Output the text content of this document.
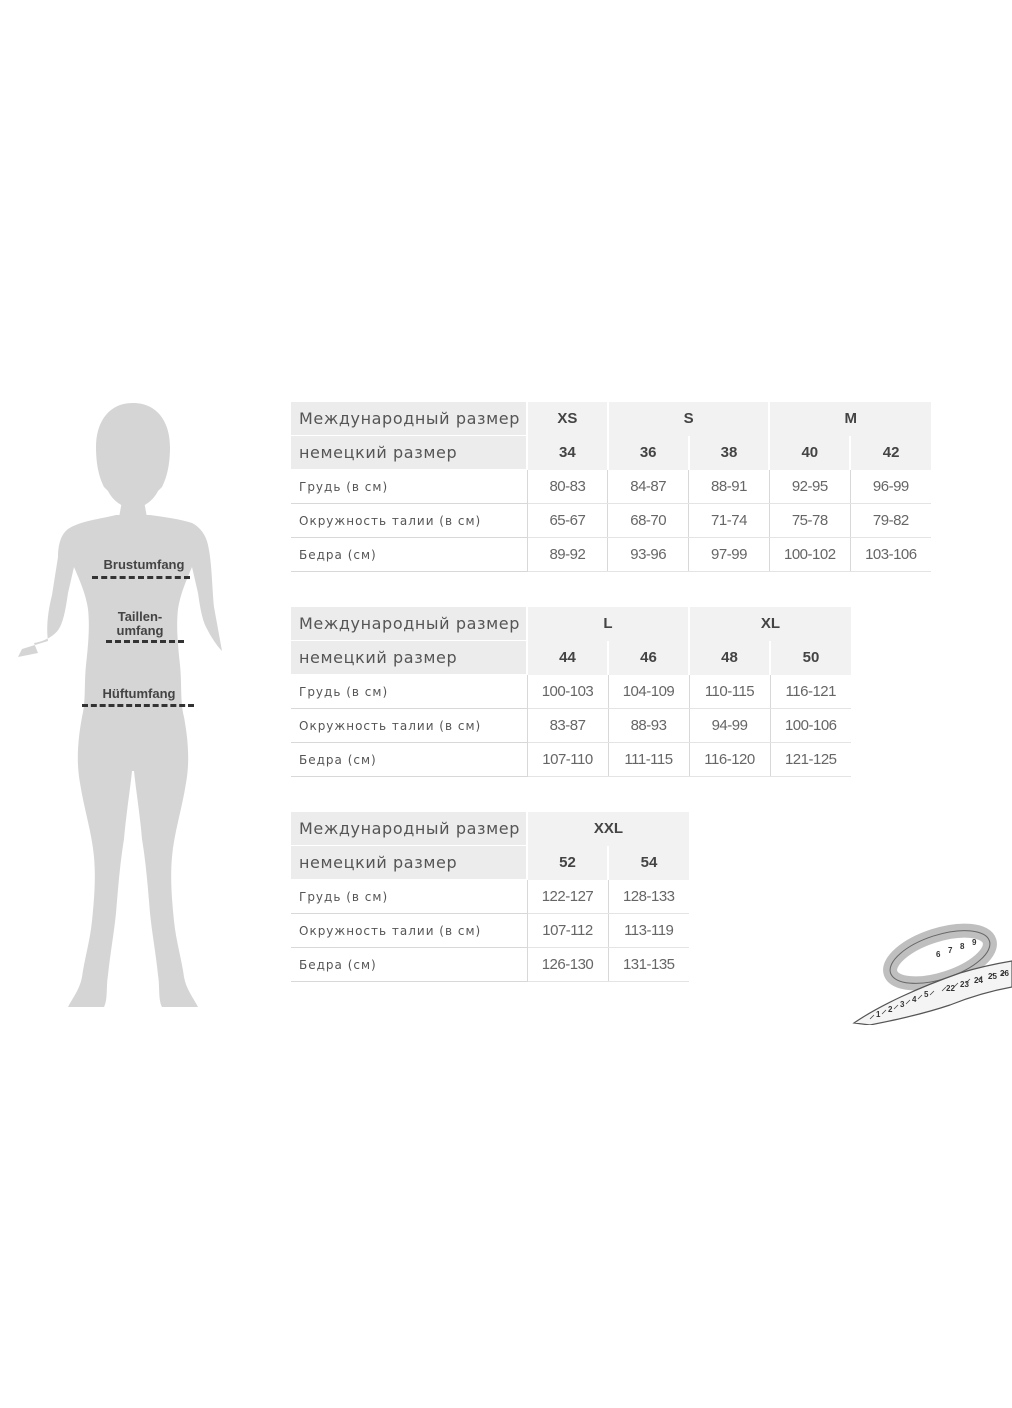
Brustumfang
Taillen-
umfang
Hüftumfang
Международный размер	XS	S		M	
немецкий размер	34	36	38	40	42
Грудь (в см)	80-83	84-87	88-91	92-95	96-99
Окружность талии (в см)	65-67	68-70	71-74	75-78	79-82
Бедра (см)	89-92	93-96	97-99	100-102	103-106
Международный размер	L		XL	
немецкий размер	44	46	48	50
Грудь (в см)	100-103	104-109	110-115	116-121
Окружность талии (в см)	83-87	88-93	94-99	100-106
Бедра (см)	107-110	111-115	116-120	121-125
Международный размер	XXL	
немецкий размер	52	54
Грудь (в см)	122-127	128-133
Окружность талии (в см)	107-112	113-119
Бедра (см)	126-130	131-135
1
2
3
4
5
6 7 8 9
22 23 24 25 26
